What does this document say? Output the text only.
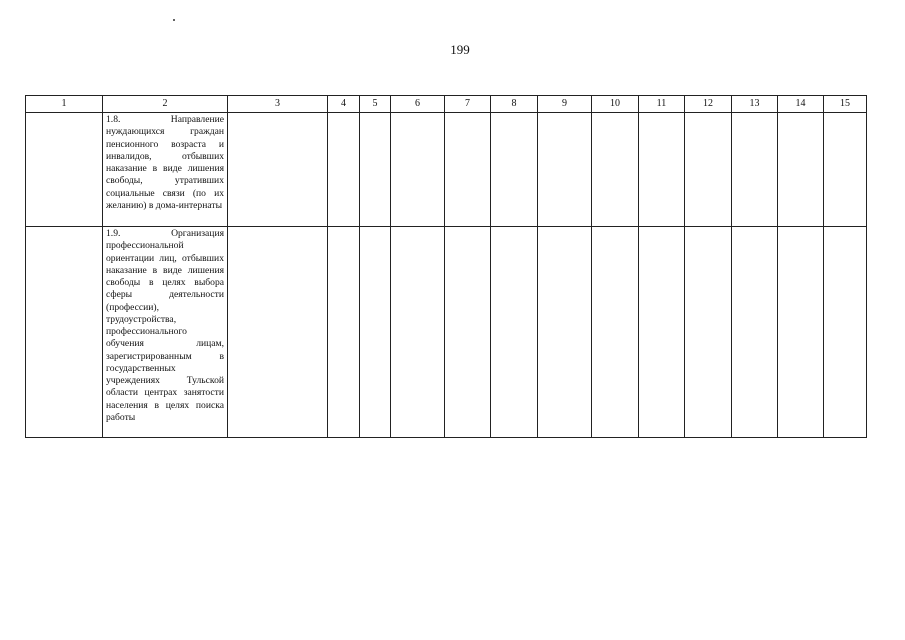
199
1	2	3	4	5	6	7	8	9	10	11	12	13	14	15

	1.8. Направление нуждающихся граждан пенсионного возраста и инвалидов, отбывших наказание в виде лишения свободы, утративших социальные связи (по их желанию) в дома-интернаты													

	1.9. Организация профессиональной ориентации лиц, отбывших наказание в виде лишения свободы в целях выбора сферы деятельности (профессии), трудоустройства, профессионального обучения лицам, зарегистрированным в государственных учреждениях Тульской области центрах занятости населения в целях поиска работы													
